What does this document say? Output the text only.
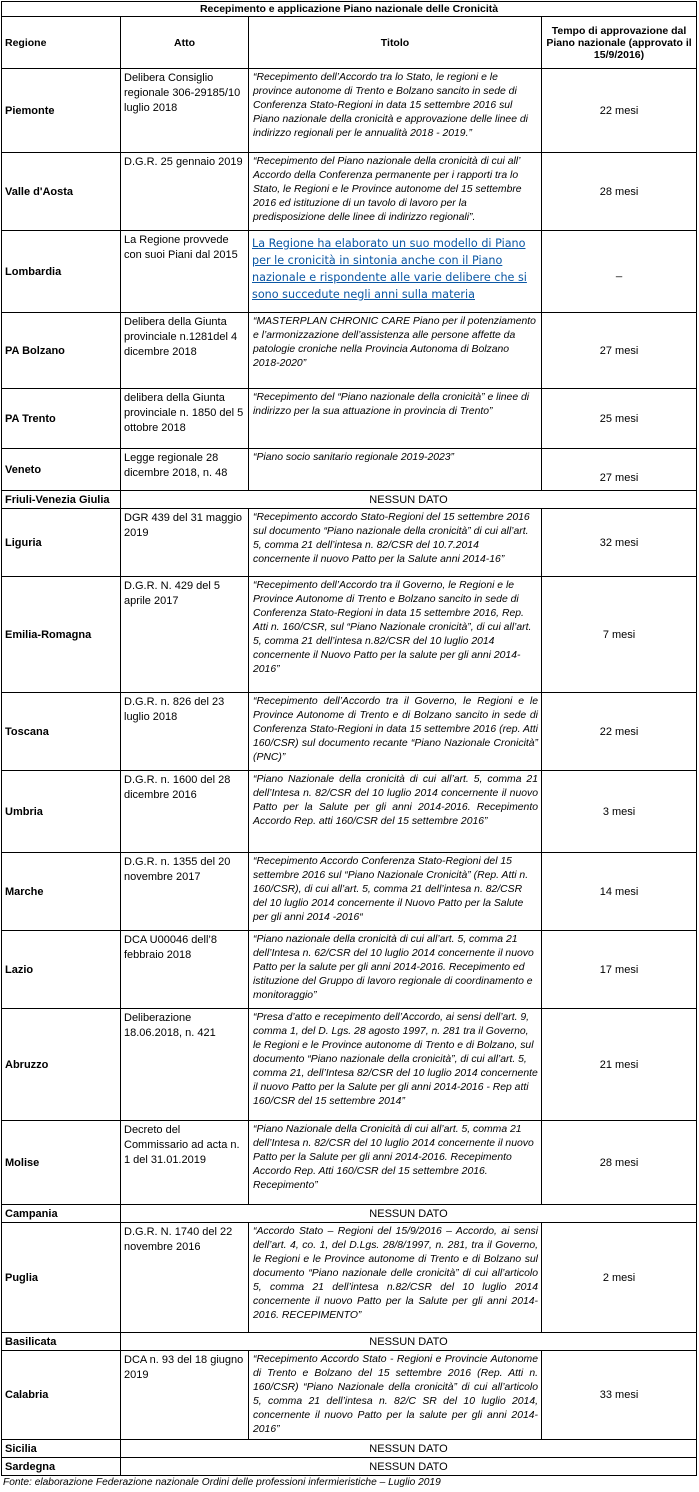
Recepimento e applicazione Piano nazionale delle Cronicità			
Regione	Atto	Titolo	Tempo di approvazione dal Piano nazionale (approvato il 15/9/2016)
Piemonte	Delibera Consiglio regionale 306-29185/10 luglio 2018	“Recepimento dell’Accordo tra lo Stato, le regioni e le province autonome di Trento e Bolzano sancito in sede di Conferenza Stato-Regioni in data 15 settembre 2016 sul Piano nazionale della cronicità e approvazione delle linee di indirizzo regionali per le annualità 2018 - 2019.”	22 mesi
Valle d'Aosta	D.G.R. 25 gennaio 2019	“Recepimento del Piano nazionale della cronicità di cui all’ Accordo della Conferenza permanente per i rapporti tra lo Stato, le Regioni e le Province autonome del 15 settembre 2016 ed istituzione di un tavolo di lavoro per la predisposizione delle linee di indirizzo regionali”.	28 mesi
Lombardia	La Regione provvede con suoi Piani dal 2015	La Regione ha elaborato un suo modello di Piano per le cronicità in sintonia anche con il Piano nazionale e rispondente alle varie delibere che si sono succedute negli anni sulla materia	_
PA Bolzano	Delibera della Giunta provinciale n.1281del 4 dicembre 2018	“MASTERPLAN CHRONIC CARE Piano per il potenziamento e l’armonizzazione dell’assistenza alle persone affette da patologie croniche nella Provincia Autonoma di Bolzano 2018-2020”	27 mesi
PA Trento	delibera della Giunta provinciale n. 1850 del 5 ottobre 2018	“Recepimento del “Piano nazionale della cronicità” e linee di indirizzo per la sua attuazione in provincia di Trento”	25 mesi
Veneto	Legge regionale 28 dicembre 2018, n. 48	“Piano socio sanitario regionale 2019-2023”	27 mesi
Friuli-Venezia Giulia	NESSUN DATO		
Liguria	DGR 439 del 31 maggio 2019	“Recepimento accordo Stato-Regioni del 15 settembre 2016 sul documento “Piano nazionale della cronicità” di cui all’art. 5, comma 21 dell’intesa n. 82/CSR del 10.7.2014 concernente il nuovo Patto per la Salute anni 2014-16”	32 mesi
Emilia-Romagna	D.G.R. N. 429 del 5 aprile 2017	“Recepimento dell’Accordo tra il Governo, le Regioni e le Province Autonome di Trento e Bolzano sancito in sede di Conferenza Stato-Regioni in data 15 settembre 2016, Rep. Atti n. 160/CSR, sul “Piano Nazionale cronicità”, di cui all’art. 5, comma 21 dell’intesa n.82/CSR del 10 luglio 2014 concernente il Nuovo Patto per la salute per gli anni 2014-2016”	7 mesi
Toscana	D.G.R. n. 826 del 23 luglio 2018	“Recepimento dell’Accordo tra il Governo, le Regioni e le Province Autonome di Trento e di Bolzano sancito in sede di Conferenza Stato-Regioni in data 15 settembre 2016 (rep. Atti 160/CSR) sul documento recante “Piano Nazionale Cronicità” (PNC)”	22 mesi
Umbria	D.G.R. n. 1600 del 28 dicembre 2016	“Piano Nazionale della cronicità di cui all’art. 5, comma 21 dell’Intesa n. 82/CSR del 10 luglio 2014 concernente il nuovo Patto per la Salute per gli anni 2014-2016. Recepimento Accordo Rep. atti 160/CSR del 15 settembre 2016”	3 mesi
Marche	D.G.R. n. 1355 del 20 novembre 2017	“Recepimento Accordo Conferenza Stato-Regioni del 15 settembre 2016 sul “Piano Nazionale Cronicità” (Rep. Atti n. 160/CSR), di cui all’art. 5, comma 21 dell’intesa n. 82/CSR del 10 luglio 2014 concernente il Nuovo Patto per la Salute per gli anni 2014 -2016“	14 mesi
Lazio	DCA U00046 dell’8 febbraio 2018	“Piano nazionale della cronicità di cui all’art. 5, comma 21 dell’Intesa n. 62/CSR del 10 luglio 2014 concernente il nuovo Patto per la salute per gli anni 2014-2016. Recepimento ed istituzione del Gruppo di lavoro regionale di coordinamento e monitoraggio”	17 mesi
Abruzzo	Deliberazione 18.06.2018, n. 421	“Presa d’atto e recepimento dell’Accordo, ai sensi dell’art. 9, comma 1, del D. Lgs. 28 agosto 1997, n. 281 tra il Governo, le Regioni e le Province autonome di Trento e di Bolzano, sul documento “Piano nazionale della cronicità”, di cui all’art. 5, comma 21, dell’Intesa 82/CSR del 10 luglio 2014 concernente il nuovo Patto per la Salute per gli anni 2014-2016 - Rep atti 160/CSR del 15 settembre 2014”	21 mesi
Molise	Decreto del Commissario ad acta n. 1 del 31.01.2019	“Piano Nazionale della Cronicità di cui all’art. 5, comma 21 dell’Intesa n. 82/CSR del 10 luglio 2014 concernente il nuovo Patto per la Salute per gli anni 2014-2016. Recepimento Accordo Rep. Atti 160/CSR del 15 settembre 2016. Recepimento”	28 mesi
Campania	NESSUN DATO		
Puglia	D.G.R. N. 1740 del 22 novembre 2016	“Accordo Stato – Regioni del 15/9/2016 – Accordo, ai sensi dell’art. 4, co. 1, del D.Lgs. 28/8/1997, n. 281, tra il Governo, le Regioni e le Province autonome di Trento e di Bolzano sul documento “Piano nazionale delle cronicità” di cui all’articolo 5, comma 21 dell’intesa n.82/CSR del 10 luglio 2014 concernente il nuovo Patto per la Salute per gli anni 2014-2016. RECEPIMENTO”	2 mesi
Basilicata	NESSUN DATO		
Calabria	DCA n. 93 del 18 giugno 2019	“Recepimento Accordo Stato - Regioni e Provincie Autonome di Trento e Bolzano del 15 settembre 2016 (Rep. Atti n. 160/CSR) “Piano Nazionale della cronicità” di cui all’articolo 5, comma 21 dell’intesa n. 82/C SR del 10 luglio 2014, concernente il nuovo Patto per la salute per gli anni 2014-2016”	33 mesi
Sicilia	NESSUN DATO		
Sardegna	NESSUN DATO		
Fonte: elaborazione Federazione nazionale Ordini delle professioni infermieristiche – Luglio 2019
